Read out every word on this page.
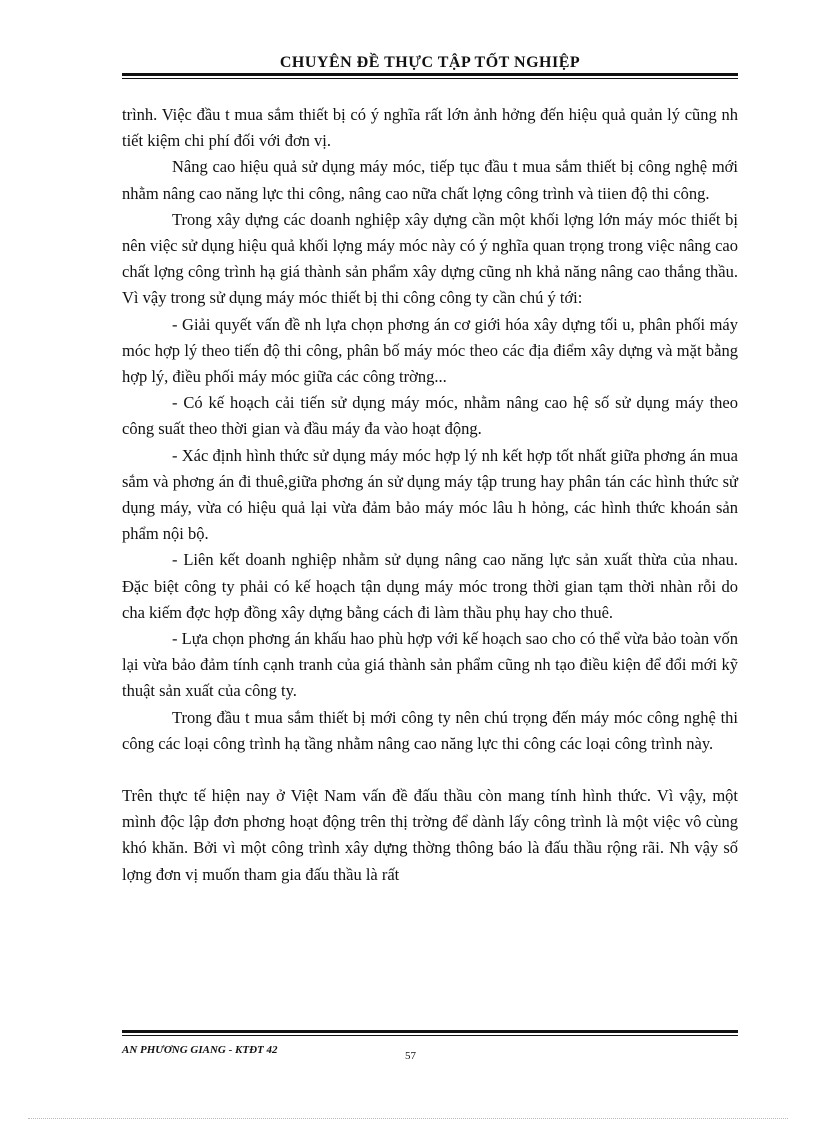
CHUYÊN ĐỀ THỰC TẬP TỐT NGHIỆP

trình. Việc đầu t mua sắm thiết bị có ý nghĩa rất lớn ảnh hởng đến hiệu quả quản lý cũng nh tiết kiệm chi phí đối với đơn vị.

Nâng cao hiệu quả sử dụng máy móc, tiếp tục đầu t mua sắm thiết bị công nghệ mới nhằm nâng cao năng lực thi công, nâng cao nữa chất lợng công trình và tiien độ thi công.

Trong xây dựng các doanh nghiệp xây dựng cần một khối lợng lớn máy móc thiết bị nên việc sử dụng hiệu quả khối lợng máy móc này có ý nghĩa quan trọng trong việc nâng cao chất lợng công trình hạ giá thành sản phẩm xây dựng cũng nh khả năng nâng cao thắng thầu. Vì vậy trong sử dụng máy móc thiết bị thi công công ty cần chú ý tới:

- Giải quyết vấn đề nh lựa chọn phơng án cơ giới hóa xây dựng tối u, phân phối máy móc hợp lý theo tiến độ thi công, phân bố máy móc theo các địa điểm xây dựng và mặt bằng hợp lý, điều phối máy móc giữa các công trờng...

- Có kế hoạch cải tiến sử dụng máy móc, nhằm nâng cao hệ số sử dụng máy theo công suất theo thời gian và đầu máy đa vào hoạt động.

- Xác định hình thức sử dụng máy móc hợp lý nh kết hợp tốt nhất giữa phơng án mua sắm và phơng án đi thuê,giữa phơng án sử dụng máy tập trung hay phân tán các hình thức sử dụng máy, vừa có hiệu quả lại vừa đảm bảo máy móc lâu h hỏng, các hình thức khoán sản phẩm nội bộ.

- Liên kết doanh nghiệp nhằm sử dụng nâng cao năng lực sản xuất thừa của nhau. Đặc biệt công ty phải có kế hoạch tận dụng máy móc trong thời gian tạm thời nhàn rỗi do cha kiếm đợc hợp đồng xây dựng bằng cách đi làm thầu phụ hay cho thuê.

- Lựa chọn phơng án khấu hao phù hợp với kế hoạch sao cho có thể vừa bảo toàn vốn lại vừa bảo đảm tính cạnh tranh của giá thành sản phẩm cũng nh tạo điều kiện để đổi mới kỹ thuật sản xuất của công ty.

Trong đầu t mua sắm thiết bị mới công ty nên chú trọng đến máy móc công nghệ thi công các loại công trình hạ tầng nhằm nâng cao năng lực thi công các loại công trình này.

Trên thực tế hiện nay ở Việt Nam vấn đề đấu thầu còn mang tính hình thức. Vì vậy, một mình độc lập đơn phơng hoạt động trên thị trờng để dành lấy công trình là một việc vô cùng khó khăn. Bởi vì một công trình xây dựng thờng thông báo là đấu thầu rộng rãi. Nh vậy số lợng đơn vị muốn tham gia đấu thầu là rất

AN PHƯƠNG GIANG - KTĐT 42	57
